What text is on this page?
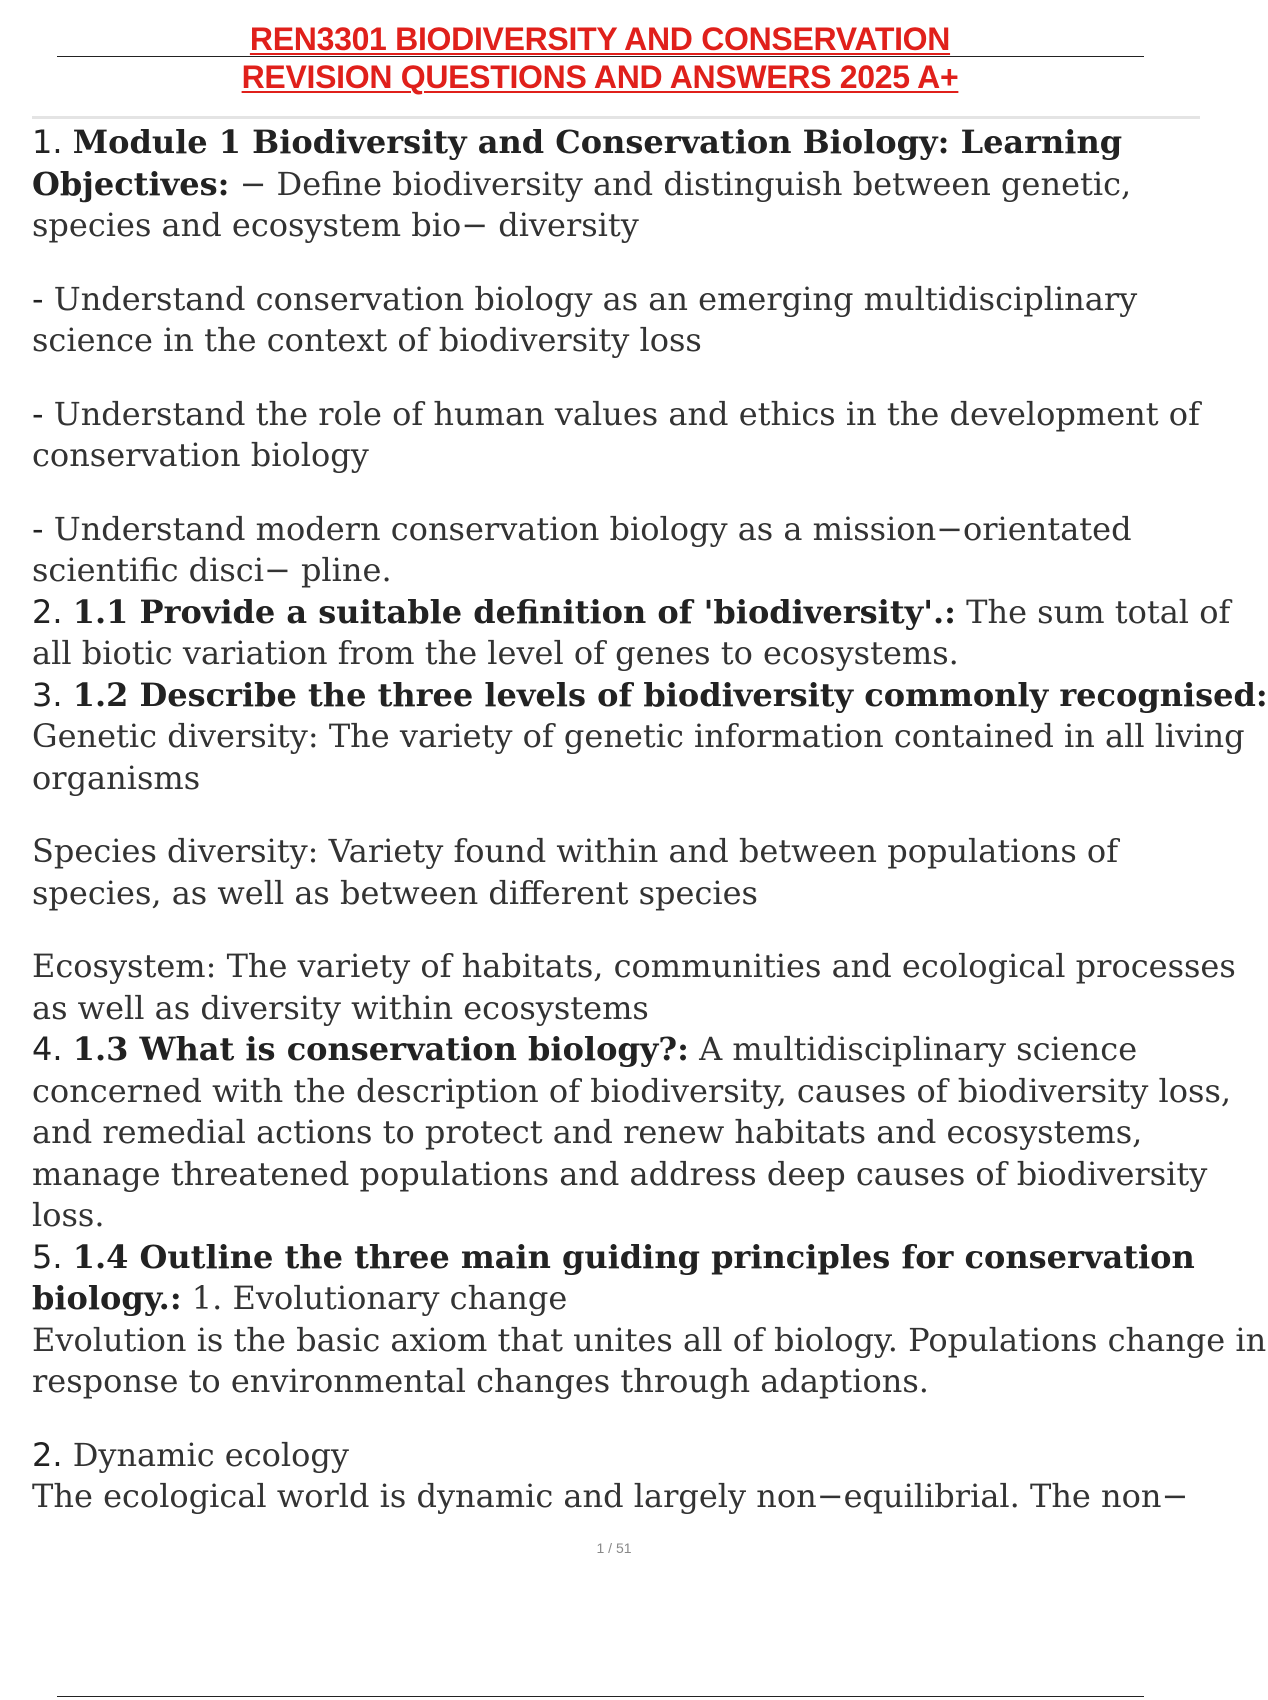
REN3301 BIODIVERSITY AND CONSERVATION
REVISION QUESTIONS AND ANSWERS 2025 A+

1. Module 1 Biodiversity and Conservation Biology: Learning

Objectives: − Define biodiversity and distinguish between genetic,

species and ecosystem bio− diversity

- Understand conservation biology as an emerging multidisciplinary

science in the context of biodiversity loss

- Understand the role of human values and ethics in the development of

conservation biology

- Understand modern conservation biology as a mission−orientated

scientific disci− pline.

2. 1.1 Provide a suitable definition of 'biodiversity'.: The sum total of

all biotic variation from the level of genes to ecosystems.

3. 1.2 Describe the three levels of biodiversity commonly recognised:

Genetic diversity: The variety of genetic information contained in all living

organisms

Species diversity: Variety found within and between populations of

species, as well as between different species

Ecosystem: The variety of habitats, communities and ecological processes

as well as diversity within ecosystems

4. 1.3 What is conservation biology?: A multidisciplinary science

concerned with the description of biodiversity, causes of biodiversity loss,

and remedial actions to protect and renew habitats and ecosystems,

manage threatened populations and address deep causes of biodiversity

loss.

5. 1.4 Outline the three main guiding principles for conservation

biology.: 1. Evolutionary change

Evolution is the basic axiom that unites all of biology. Populations change in

response to environmental changes through adaptions.

2. Dynamic ecology

The ecological world is dynamic and largely non−equilibrial. The non−

1 / 51
